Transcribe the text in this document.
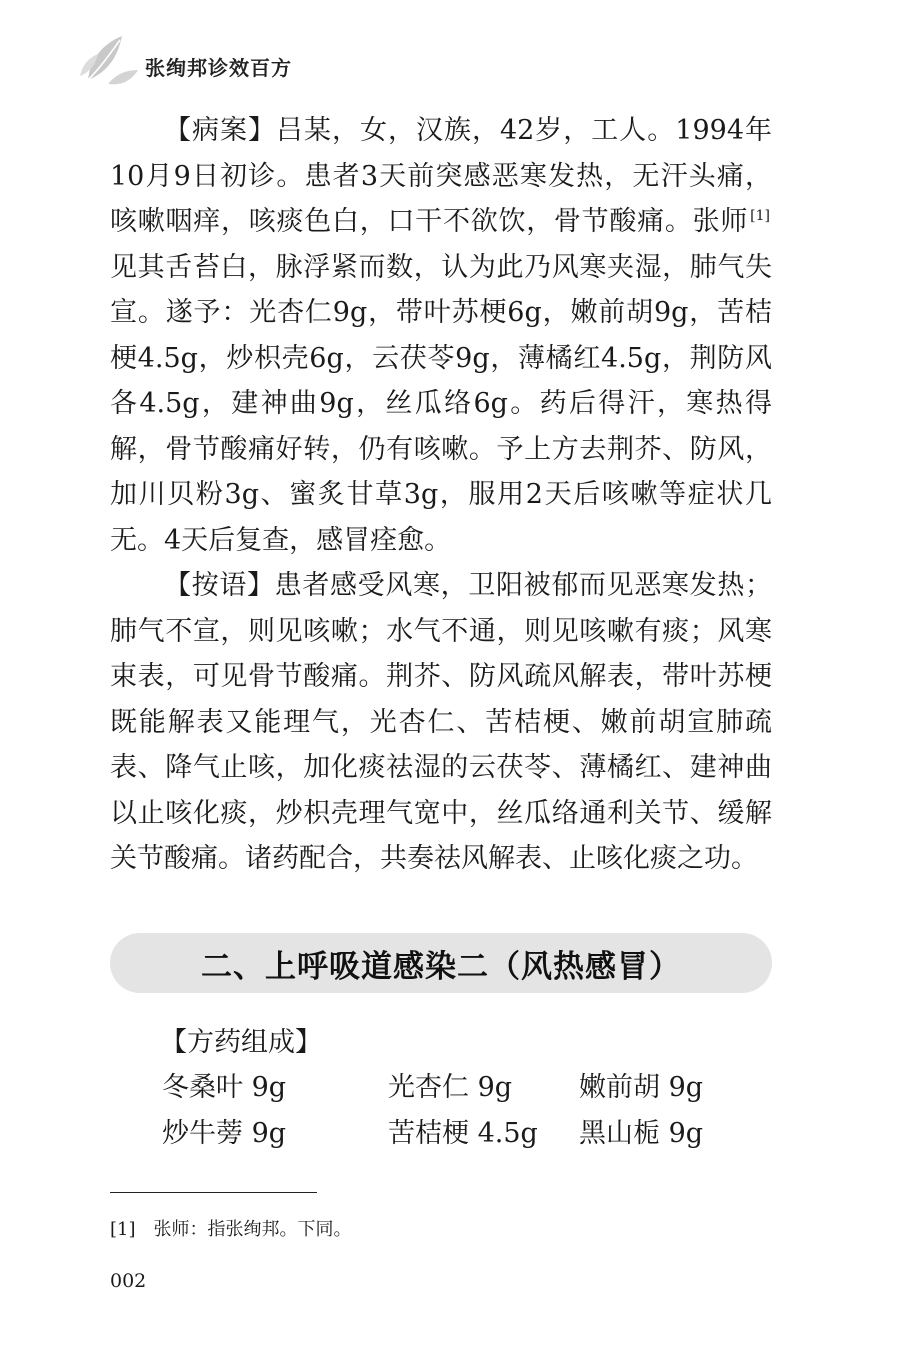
张绚邦诊效百方

【病案】吕某，女，汉族，42岁，工人。1994年10月9日初诊。患者3天前突感恶寒发热，无汗头痛，咳嗽咽痒，咳痰色白，口干不欲饮，骨节酸痛。张师 [1]见其舌苔白，脉浮紧而数，认为此乃风寒夹湿，肺气失宣。遂予：光杏仁9g，带叶苏梗6g，嫩前胡9g，苦桔梗4.5g，炒枳壳6g，云茯苓9g，薄橘红4.5g，荆防风各4.5g，建神曲9g，丝瓜络6g。药后得汗，寒热得解，骨节酸痛好转，仍有咳嗽。予上方去荆芥、防风，加川贝粉3g、蜜炙甘草3g，服用2天后咳嗽等症状几无。4天后复查，感冒痊愈。

【按语】患者感受风寒，卫阳被郁而见恶寒发热；肺气不宣，则见咳嗽；水气不通，则见咳嗽有痰；风寒束表，可见骨节酸痛。荆芥、防风疏风解表，带叶苏梗既能解表又能理气，光杏仁、苦桔梗、嫩前胡宣肺疏表、降气止咳，加化痰祛湿的云茯苓、薄橘红、建神曲以止咳化痰，炒枳壳理气宽中，丝瓜络通利关节、缓解关节酸痛。诸药配合，共奏祛风解表、止咳化痰之功。

二、上呼吸道感染二（风热感冒）
【方药组成】
冬桑叶 9g	光杏仁 9g 嫩前胡 9g
炒牛蒡 9g	苦桔梗 4.5g 黑山栀 9g
[1] 张师：指张绚邦。下同。
002
